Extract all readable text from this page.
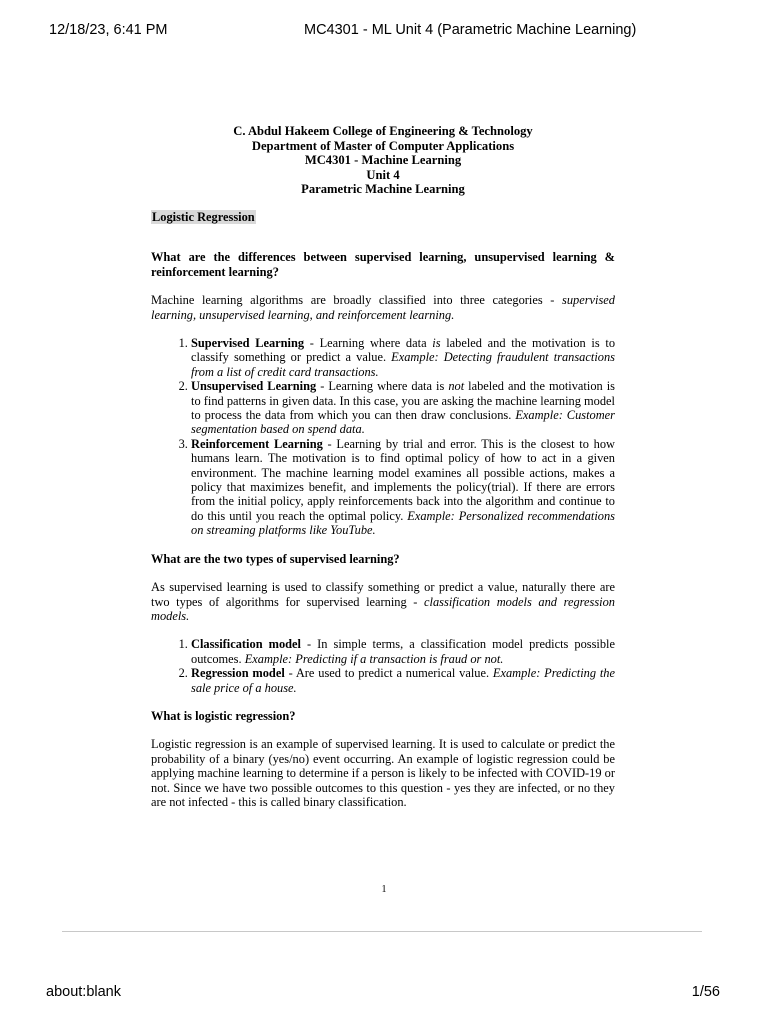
12/18/23, 6:41 PM	MC4301 - ML Unit 4 (Parametric Machine Learning)
C. Abdul Hakeem College of Engineering & Technology
Department of Master of Computer Applications
MC4301 - Machine Learning
Unit 4
Parametric Machine Learning
Logistic Regression
What are the differences between supervised learning, unsupervised learning & reinforcement learning?
Machine learning algorithms are broadly classified into three categories - supervised learning, unsupervised learning, and reinforcement learning.
1. Supervised Learning - Learning where data is labeled and the motivation is to classify something or predict a value. Example: Detecting fraudulent transactions from a list of credit card transactions.
2. Unsupervised Learning - Learning where data is not labeled and the motivation is to find patterns in given data. In this case, you are asking the machine learning model to process the data from which you can then draw conclusions. Example: Customer segmentation based on spend data.
3. Reinforcement Learning - Learning by trial and error. This is the closest to how humans learn. The motivation is to find optimal policy of how to act in a given environment. The machine learning model examines all possible actions, makes a policy that maximizes benefit, and implements the policy(trial). If there are errors from the initial policy, apply reinforcements back into the algorithm and continue to do this until you reach the optimal policy. Example: Personalized recommendations on streaming platforms like YouTube.
What are the two types of supervised learning?
As supervised learning is used to classify something or predict a value, naturally there are two types of algorithms for supervised learning - classification models and regression models.
1. Classification model - In simple terms, a classification model predicts possible outcomes. Example: Predicting if a transaction is fraud or not.
2. Regression model - Are used to predict a numerical value. Example: Predicting the sale price of a house.
What is logistic regression?
Logistic regression is an example of supervised learning. It is used to calculate or predict the probability of a binary (yes/no) event occurring. An example of logistic regression could be applying machine learning to determine if a person is likely to be infected with COVID-19 or not. Since we have two possible outcomes to this question - yes they are infected, or no they are not infected - this is called binary classification.
1
about:blank	1/56
